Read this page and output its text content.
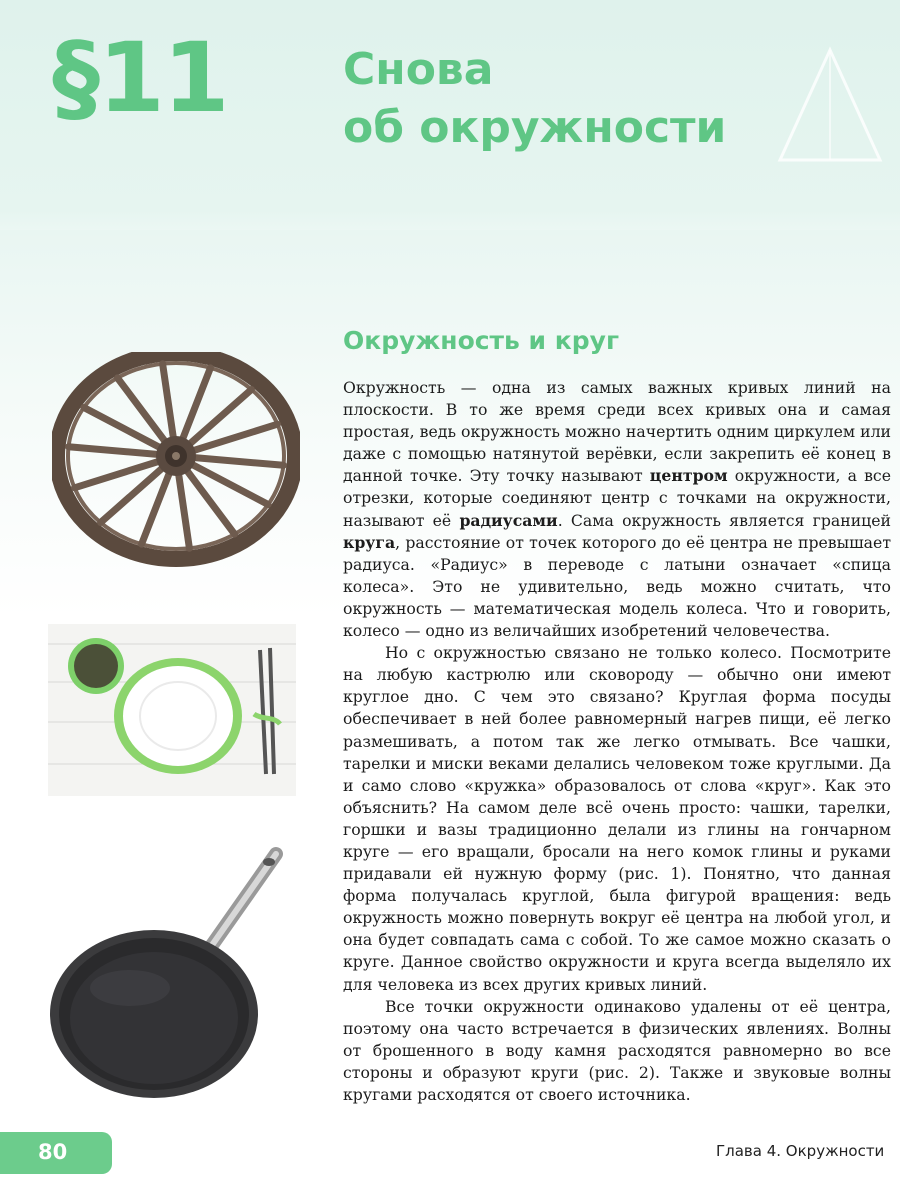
§11	Снова
об окружности
Окружность и круг

Окружность — одна из самых важных кривых линий на плоскости. В то же время среди всех кривых она и самая простая, ведь окружность можно начертить одним циркулем или даже с помощью натянутой верёвки, если закрепить её конец в данной точке. Эту точку называют центром окружности, а все отрезки, которые соединяют центр с точками на окружности, называют её радиусами. Сама окружность является границей круга, расстояние от точек которого до её центра не превышает радиуса. «Радиус» в переводе с латыни означает «спица колеса». Это не удивительно, ведь можно считать, что окружность — математическая модель колеса. Что и говорить, колесо — одно из величайших изобретений человечества.

Но с окружностью связано не только колесо. Посмотрите на любую кастрюлю или сковороду — обычно они имеют круглое дно. С чем это связано? Круглая форма посуды обеспечивает в ней более равномерный нагрев пищи, её легко размешивать, а потом так же легко отмывать. Все чашки, тарелки и миски веками делались человеком тоже круглыми. Да и само слово «кружка» образовалось от слова «круг». Как это объяснить? На самом деле всё очень просто: чашки, тарелки, горшки и вазы традиционно делали из глины на гончарном круге — его вращали, бросали на него комок глины и руками придавали ей нужную форму (рис. 1). Понятно, что данная форма получалась круглой, была фигурой вращения: ведь окружность можно повернуть вокруг её центра на любой угол, и она будет совпадать сама с собой. То же самое можно сказать о круге. Данное свойство окружности и круга всегда выделяло их для человека из всех других кривых линий.

Все точки окружности одинаково удалены от её центра, поэтому она часто встречается в физических явлениях. Волны от брошенного в воду камня расходятся равномерно во все стороны и образуют круги (рис. 2). Также и звуковые волны кругами расходятся от своего источника.

80	Глава 4. Окружности
